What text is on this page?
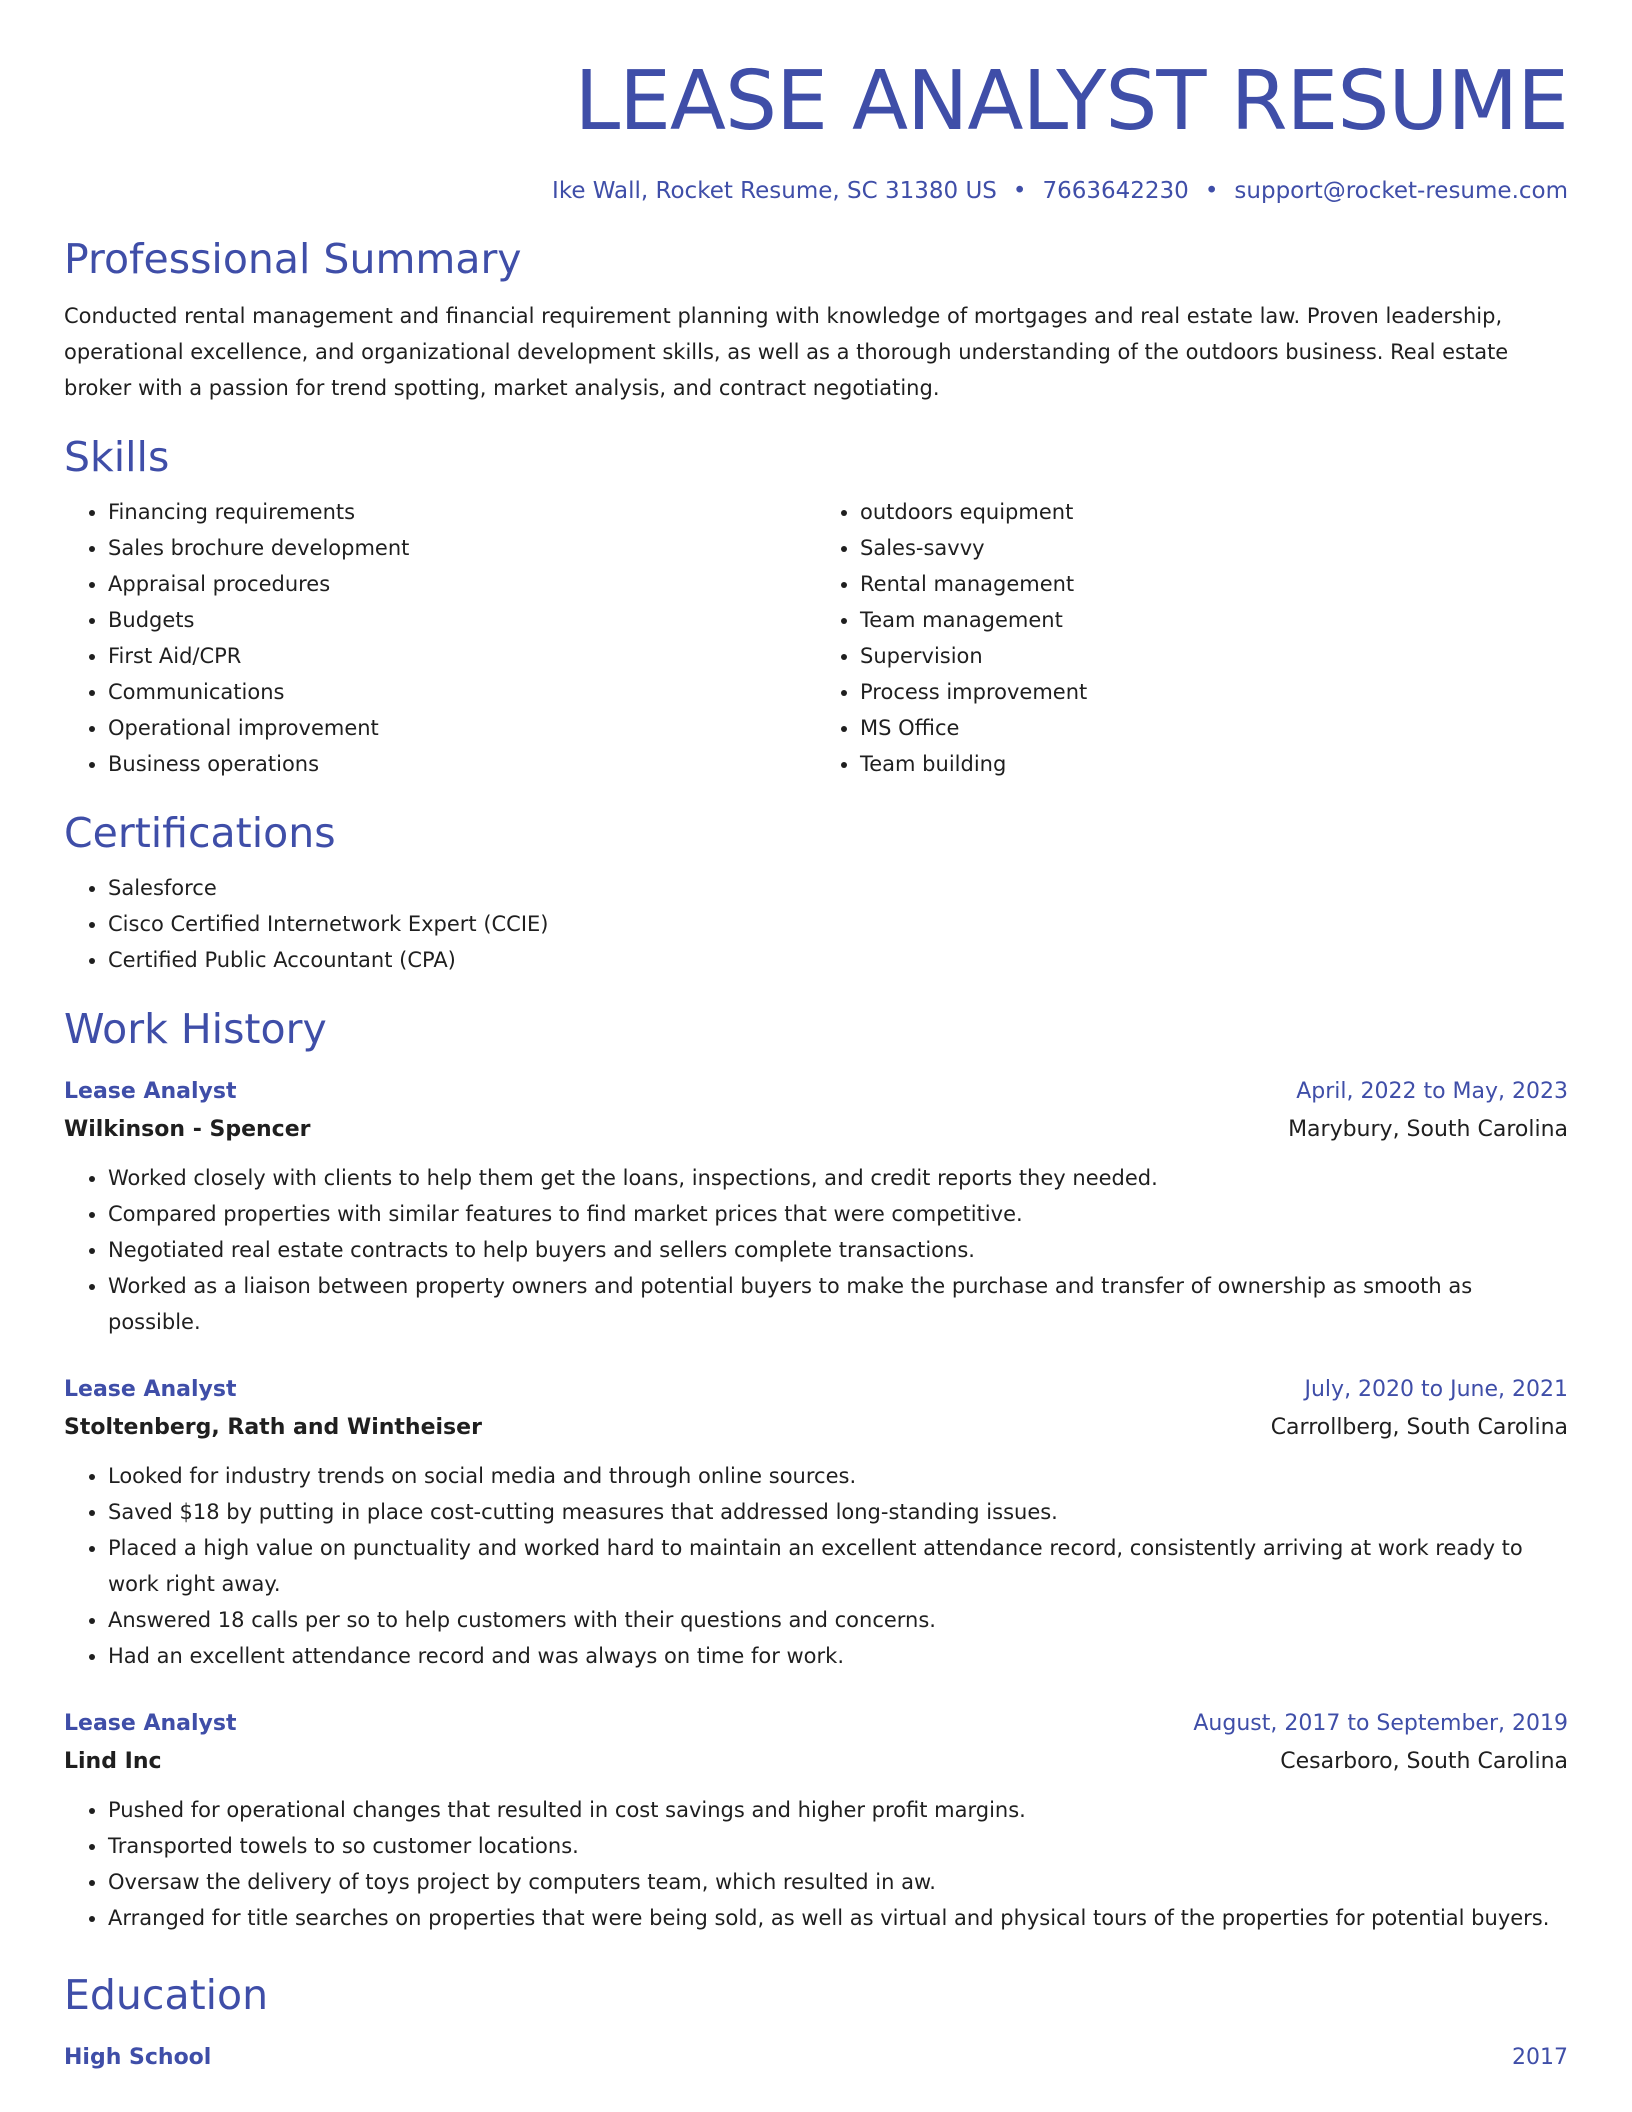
LEASE ANALYST RESUME
Ike Wall, Rocket Resume, SC 31380 US • 7663642230 • support@rocket-resume.com
Professional Summary
Conducted rental management and financial requirement planning with knowledge of mortgages and real estate law. Proven leadership, operational excellence, and organizational development skills, as well as a thorough understanding of the outdoors business. Real estate broker with a passion for trend spotting, market analysis, and contract negotiating.
Skills
• Financing requirements
• Sales brochure development
• Appraisal procedures
• Budgets
• First Aid/CPR
• Communications
• Operational improvement
• Business operations
• outdoors equipment
• Sales-savvy
• Rental management
• Team management
• Supervision
• Process improvement
• MS Office
• Team building
Certifications
• Salesforce
• Cisco Certified Internetwork Expert (CCIE)
• Certified Public Accountant (CPA)
Work History
Lease Analyst	April, 2022 to May, 2023
Wilkinson - Spencer	Marybury, South Carolina
• Worked closely with clients to help them get the loans, inspections, and credit reports they needed.
• Compared properties with similar features to find market prices that were competitive.
• Negotiated real estate contracts to help buyers and sellers complete transactions.
• Worked as a liaison between property owners and potential buyers to make the purchase and transfer of ownership as smooth as possible.
Lease Analyst	July, 2020 to June, 2021
Stoltenberg, Rath and Wintheiser	Carrollberg, South Carolina
• Looked for industry trends on social media and through online sources.
• Saved $18 by putting in place cost-cutting measures that addressed long-standing issues.
• Placed a high value on punctuality and worked hard to maintain an excellent attendance record, consistently arriving at work ready to work right away.
• Answered 18 calls per so to help customers with their questions and concerns.
• Had an excellent attendance record and was always on time for work.
Lease Analyst	August, 2017 to September, 2019
Lind Inc	Cesarboro, South Carolina
• Pushed for operational changes that resulted in cost savings and higher profit margins.
• Transported towels to so customer locations.
• Oversaw the delivery of toys project by computers team, which resulted in aw.
• Arranged for title searches on properties that were being sold, as well as virtual and physical tours of the properties for potential buyers.
Education
High School	2017
